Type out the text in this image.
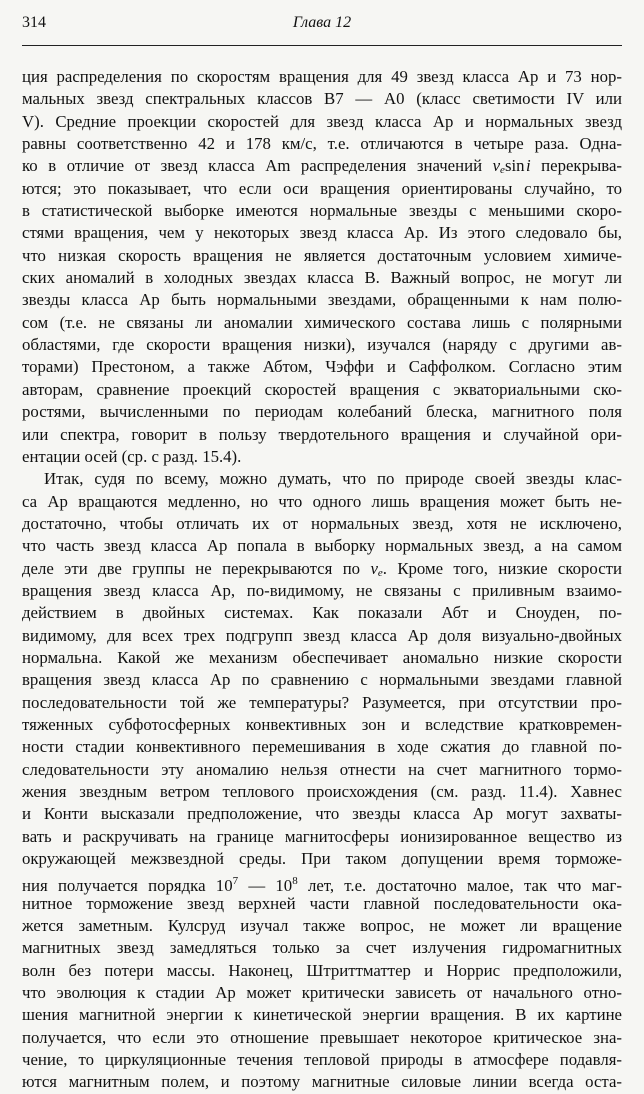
314	Глава 12
ция распределения по скоростям вращения для 49 звезд класса Ар и 73 нор-
мальных звезд спектральных классов В7 — А0 (класс светимости IV или
V). Средние проекции скоростей для звезд класса Ар и нормальных звезд
равны соответственно 42 и 178 км/с, т.е. отличаются в четыре раза. Одна-
ко в отличие от звезд класса Am распределения значений vesin i перекрыва-
ются; это показывает, что если оси вращения ориентированы случайно, то
в статистической выборке имеются нормальные звезды с меньшими скоро-
стями вращения, чем у некоторых звезд класса Ар. Из этого следовало бы,
что низкая скорость вращения не является достаточным условием химиче-
ских аномалий в холодных звездах класса В. Важный вопрос, не могут ли
звезды класса Ар быть нормальными звездами, обращенными к нам полю-
сом (т.е. не связаны ли аномалии химического состава лишь с полярными
областями, где скорости вращения низки), изучался (наряду с другими ав-
торами) Престоном, а также Абтом, Чэффи и Саффолком. Согласно этим
авторам, сравнение проекций скоростей вращения с экваториальными ско-
ростями, вычисленными по периодам колебаний блеска, магнитного поля
или спектра, говорит в пользу твердотельного вращения и случайной ори-
ентации осей (ср. с разд. 15.4).
Итак, судя по всему, можно думать, что по природе своей звезды клас-
са Ар вращаются медленно, но что одного лишь вращения может быть не-
достаточно, чтобы отличать их от нормальных звезд, хотя не исключено,
что часть звезд класса Ар попала в выборку нормальных звезд, а на самом
деле эти две группы не перекрываются по ve. Кроме того, низкие скорости
вращения звезд класса Ар, по-видимому, не связаны с приливным взаимо-
действием в двойных системах. Как показали Абт и Сноуден, по-
видимому, для всех трех подгрупп звезд класса Ар доля визуально-двойных
нормальна. Какой же механизм обеспечивает аномально низкие скорости
вращения звезд класса Ар по сравнению с нормальными звездами главной
последовательности той же температуры? Разумеется, при отсутствии про-
тяженных субфотосферных конвективных зон и вследствие кратковремен-
ности стадии конвективного перемешивания в ходе сжатия до главной по-
следовательности эту аномалию нельзя отнести на счет магнитного тормо-
жения звездным ветром теплового происхождения (см. разд. 11.4). Хавнес
и Конти высказали предположение, что звезды класса Ар могут захваты-
вать и раскручивать на границе магнитосферы ионизированное вещество из
окружающей межзвездной среды. При таком допущении время торможе-
ния получается порядка $10^7$ — $10^8$ лет, т.е. достаточно малое, так что маг-
нитное торможение звезд верхней части главной последовательности ока-
жется заметным. Кулсруд изучал также вопрос, не может ли вращение
магнитных звезд замедляться только за счет излучения гидромагнитных
волн без потери массы. Наконец, Штриттматтер и Норрис предположили,
что эволюция к стадии Ар может критически зависеть от начального отно-
шения магнитной энергии к кинетической энергии вращения. В их картине
получается, что если это отношение превышает некоторое критическое зна-
чение, то циркуляционные течения тепловой природы в атмосфере подавля-
ются магнитным полем, и поэтому магнитные силовые линии всегда оста-
